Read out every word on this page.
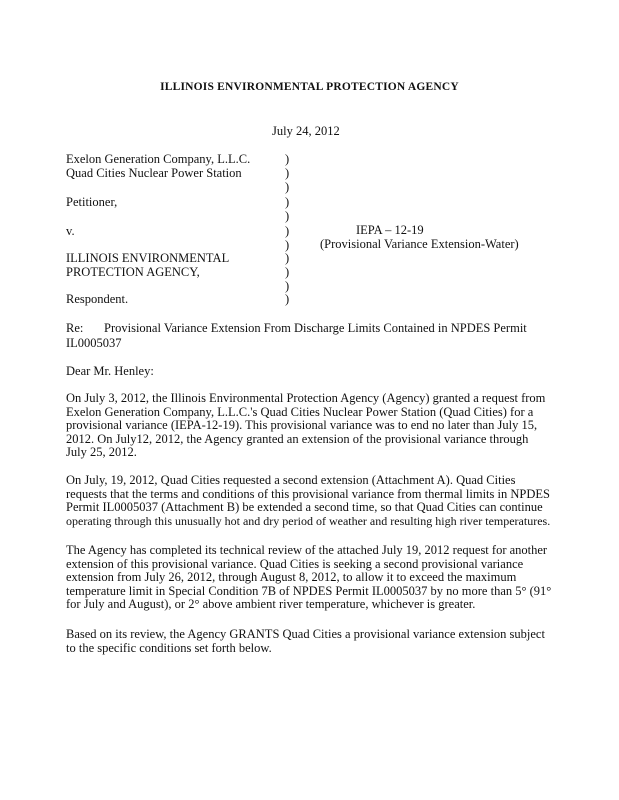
ILLINOIS ENVIRONMENTAL PROTECTION AGENCY
July 24, 2012
Exelon Generation Company, L.L.C.
Quad Cities Nuclear Power Station
Petitioner,
v.
ILLINOIS ENVIRONMENTAL
PROTECTION AGENCY,
Respondent.
)
)
)
)
)
)
)
)
)
)
)
IEPA – 12-19
(Provisional Variance Extension-Water)
Re: Provisional Variance Extension From Discharge Limits Contained in NPDES Permit
IL0005037
Dear Mr. Henley:
On July 3, 2012, the Illinois Environmental Protection Agency (Agency) granted a request from
Exelon Generation Company, L.L.C.'s Quad Cities Nuclear Power Station (Quad Cities) for a
provisional variance (IEPA-12-19). This provisional variance was to end no later than July 15,
2012. On July12, 2012, the Agency granted an extension of the provisional variance through
July 25, 2012.
On July, 19, 2012, Quad Cities requested a second extension (Attachment A). Quad Cities
requests that the terms and conditions of this provisional variance from thermal limits in NPDES
Permit IL0005037 (Attachment B) be extended a second time, so that Quad Cities can continue
operating through this unusually hot and dry period of weather and resulting high river temperatures.
The Agency has completed its technical review of the attached July 19, 2012 request for another
extension of this provisional variance. Quad Cities is seeking a second provisional variance
extension from July 26, 2012, through August 8, 2012, to allow it to exceed the maximum
temperature limit in Special Condition 7B of NPDES Permit IL0005037 by no more than 5° (91°
for July and August), or 2° above ambient river temperature, whichever is greater.
Based on its review, the Agency GRANTS Quad Cities a provisional variance extension subject
to the specific conditions set forth below.
